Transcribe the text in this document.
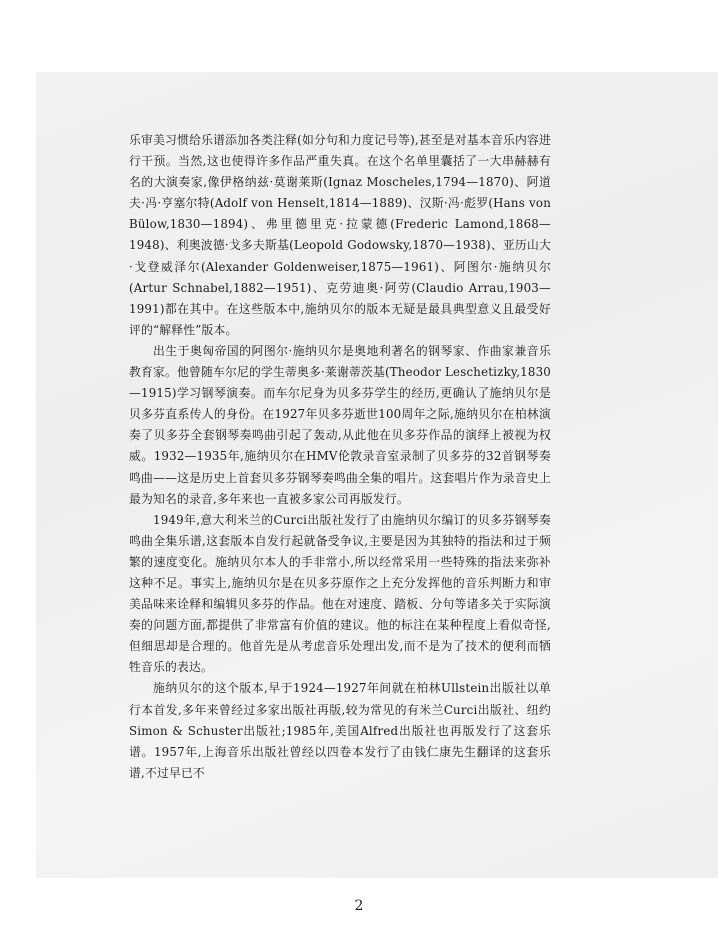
乐审美习惯给乐谱添加各类注释(如分句和力度记号等),甚至是对基本音乐内容进行干预。当然,这也使得许多作品严重失真。在这个名单里囊括了一大串赫赫有名的大演奏家,像伊格纳兹·莫谢莱斯(Ignaz Moscheles,1794—1870)、阿道夫·冯·亨塞尔特(Adolf von Henselt,1814—1889)、汉斯·冯·彪罗(Hans von Bülow,1830—1894)、弗里德里克·拉蒙德(Frederic Lamond,1868—1948)、利奥波德·戈多夫斯基(Leopold Godowsky,1870—1938)、亚历山大·戈登威泽尔(Alexander Goldenweiser,1875—1961)、阿图尔·施纳贝尔(Artur Schnabel,1882—1951)、克劳迪奥·阿劳(Claudio Arrau,1903—1991)都在其中。在这些版本中,施纳贝尔的版本无疑是最具典型意义且最受好评的“解释性”版本。

出生于奥匈帝国的阿图尔·施纳贝尔是奥地利著名的钢琴家、作曲家兼音乐教育家。他曾随车尔尼的学生蒂奥多·莱谢蒂茨基(Theodor Leschetizky,1830—1915)学习钢琴演奏。而车尔尼身为贝多芬学生的经历,更确认了施纳贝尔是贝多芬直系传人的身份。在1927年贝多芬逝世100周年之际,施纳贝尔在柏林演奏了贝多芬全套钢琴奏鸣曲引起了轰动,从此他在贝多芬作品的演绎上被视为权威。1932—1935年,施纳贝尔在HMV伦敦录音室录制了贝多芬的32首钢琴奏鸣曲——这是历史上首套贝多芬钢琴奏鸣曲全集的唱片。这套唱片作为录音史上最为知名的录音,多年来也一直被多家公司再版发行。

1949年,意大利米兰的Curci出版社发行了由施纳贝尔编订的贝多芬钢琴奏鸣曲全集乐谱,这套版本自发行起就备受争议,主要是因为其独特的指法和过于频繁的速度变化。施纳贝尔本人的手非常小,所以经常采用一些特殊的指法来弥补这种不足。事实上,施纳贝尔是在贝多芬原作之上充分发挥他的音乐判断力和审美品味来诠释和编辑贝多芬的作品。他在对速度、踏板、分句等诸多关于实际演奏的问题方面,都提供了非常富有价值的建议。他的标注在某种程度上看似奇怪,但细思却是合理的。他首先是从考虑音乐处理出发,而不是为了技术的便利而牺牲音乐的表达。

施纳贝尔的这个版本,早于1924—1927年间就在柏林Ullstein出版社以单行本首发,多年来曾经过多家出版社再版,较为常见的有米兰Curci出版社、纽约Simon & Schuster出版社;1985年,美国Alfred出版社也再版发行了这套乐谱。1957年,上海音乐出版社曾经以四卷本发行了由钱仁康先生翻译的这套乐谱,不过早已不

2
